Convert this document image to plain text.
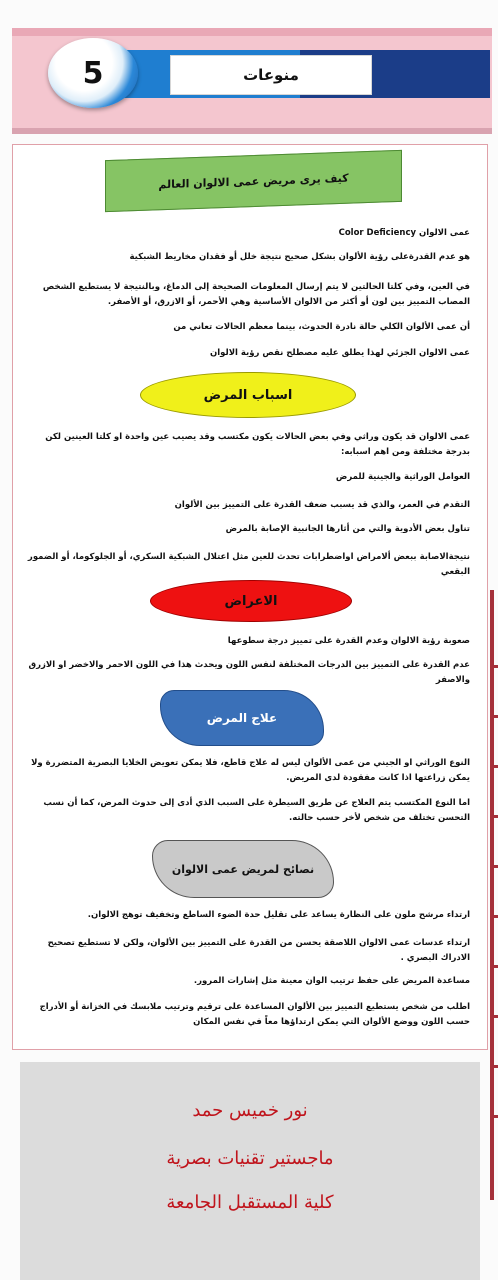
منوعات
5
كيف يرى مريض عمى الالوان العالم
عمى الالوان Color Deficiency
هو عدم القدرةعلى رؤية الألوان بشكل صحيح نتيجة خلل أو فقدان مخاريط الشبكية
في العين، وفي كلتا الحالتين لا يتم إرسال المعلومات الصحيحة إلى الدماغ، وبالنتيجة لا يستطيع الشخص المصاب التمييز بين لون أو أكثر من الالوان الأساسية وهي الأحمر، أو الازرق، أو الأصفر.
أن عمى الألوان الكلي حالة نادرة الحدوث، بينما معظم الحالات تعاني من
عمى الالوان الجزئي لهذا يطلق عليه مصطلح نقص رؤية الالوان
اسباب المرض
عمى الالوان قد يكون وراثي وفي بعض الحالات يكون مكتسب وقد يصيب عين واحدة او كلتا العينين لكن بدرجة مختلفة ومن اهم اسبابه:
العوامل الوراثية والجينية للمرض
التقدم في العمر، والذي قد يسبب ضعف القدرة على التمييز بين الألوان
تناول بعض الأدوية والتي من أثارها الجانبية الإصابة بالمرض
نتيجةالاصابة ببعض ألامراض اواضطرابات تحدث للعين مثل اعتلال الشبكية السكري، أو الجلوكوما، أو الضمور البقعي
الاعراض
صعوبة رؤية الالوان وعدم القدرة على تمييز درجة سطوعها
عدم القدرة على التمييز بين الدرجات المختلفة لنفس اللون ويحدث هذا في اللون الاحمر والاخضر او الازرق والاصفر
علاج المرض
النوع الوراثي او الجيني من عمى الألوان ليس له علاج قاطع، فلا يمكن تعويض الخلايا البصرية المتضررة ولا يمكن زراعتها اذا كانت مفقودة لدى المريض.
اما النوع المكتسب يتم العلاج عن طريق السيطرة على السبب الذي أدى إلى حدوث المرض، كما أن نسب التحسن تختلف من شخص لأخر حسب حالته.
نصائح لمريض عمى الالوان
ارتداء مرشح ملون على النظارة يساعد على تقليل حدة الضوء الساطع وتخفيف توهج الالوان.
ارتداء عدسات عمى الالوان اللاصقة يحسن من القدرة على التمييز بين الألوان، ولكن لا تستطيع تصحيح الادراك البصري .
مساعدة المريض على حفظ ترتيب الوان معينة مثل إشارات المرور.
اطلب من شخص يستطيع التمييز بين الألوان المساعدة على ترقيم وترتيب ملابسك في الخزانة أو الأدراج حسب اللون ووضع الألوان التي يمكن ارتداؤها معاً في نفس المكان
نور خميس حمد
ماجستير تقنيات بصرية
كلية المستقبل الجامعة
